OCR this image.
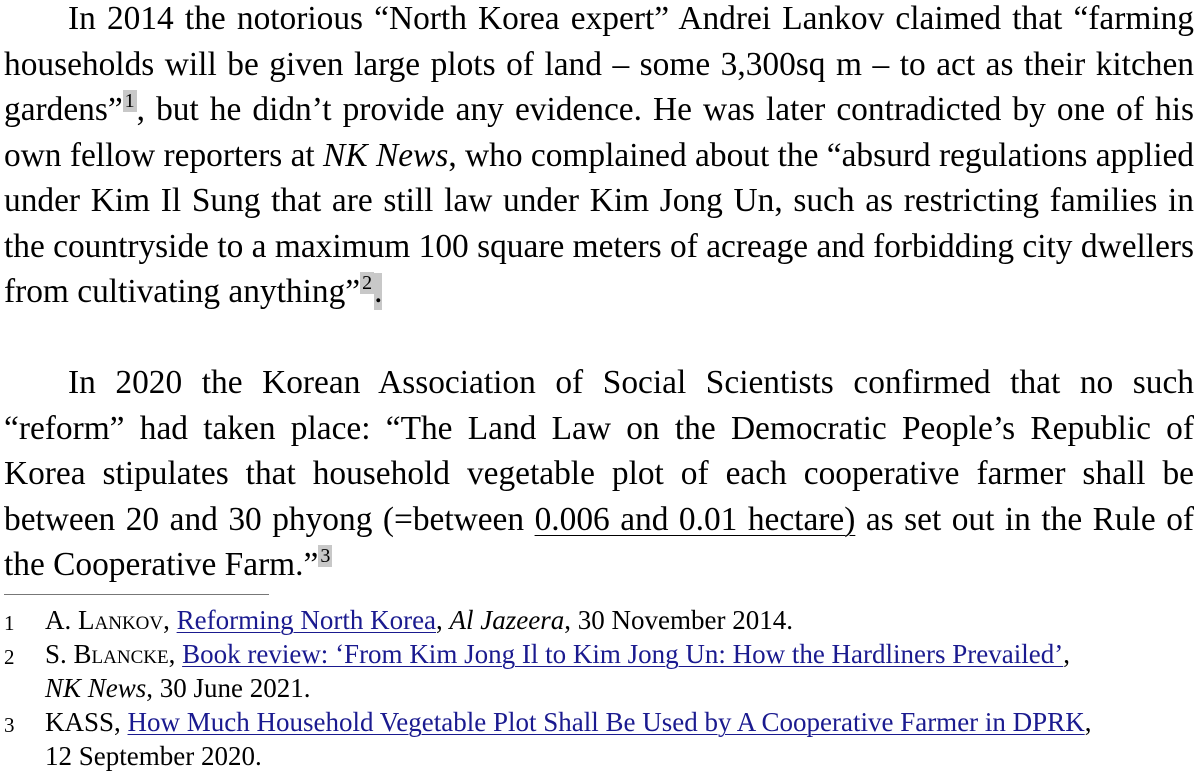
In 2014 the notorious “North Korea expert” Andrei Lankov claimed that “farming households will be given large plots of land – some 3,300sq m – to act as their kitchen gardens” $^1$, but he didn’t provide any evidence. He was later contradicted by one of his own fellow reporters at NK News, who complained about the “absurd regulations applied under Kim Il Sung that are still law under Kim Jong Un, such as restricting families in the countryside to a maximum 100 square meters of acreage and forbidding city dwellers from cultivating anything” $^2$.

In 2020 the Korean Association of Social Scientists confirmed that no such “reform” had taken place: “The Land Law on the Democratic People’s Republic of Korea stipulates that household vegetable plot of each cooperative farmer shall be between 20 and 30 phyong (=between 0.006 and 0.01 hectare) as set out in the Rule of the Cooperative Farm.” $^3$

1 A. Lankov, Reforming North Korea, Al Jazeera, 30 November 2014.
2 S. Blancke, Book review: ‘From Kim Jong Il to Kim Jong Un: How the Hardliners Prevailed’,
NK News, 30 June 2021.
3 KASS, How Much Household Vegetable Plot Shall Be Used by A Cooperative Farmer in DPRK, 12 September 2020.
